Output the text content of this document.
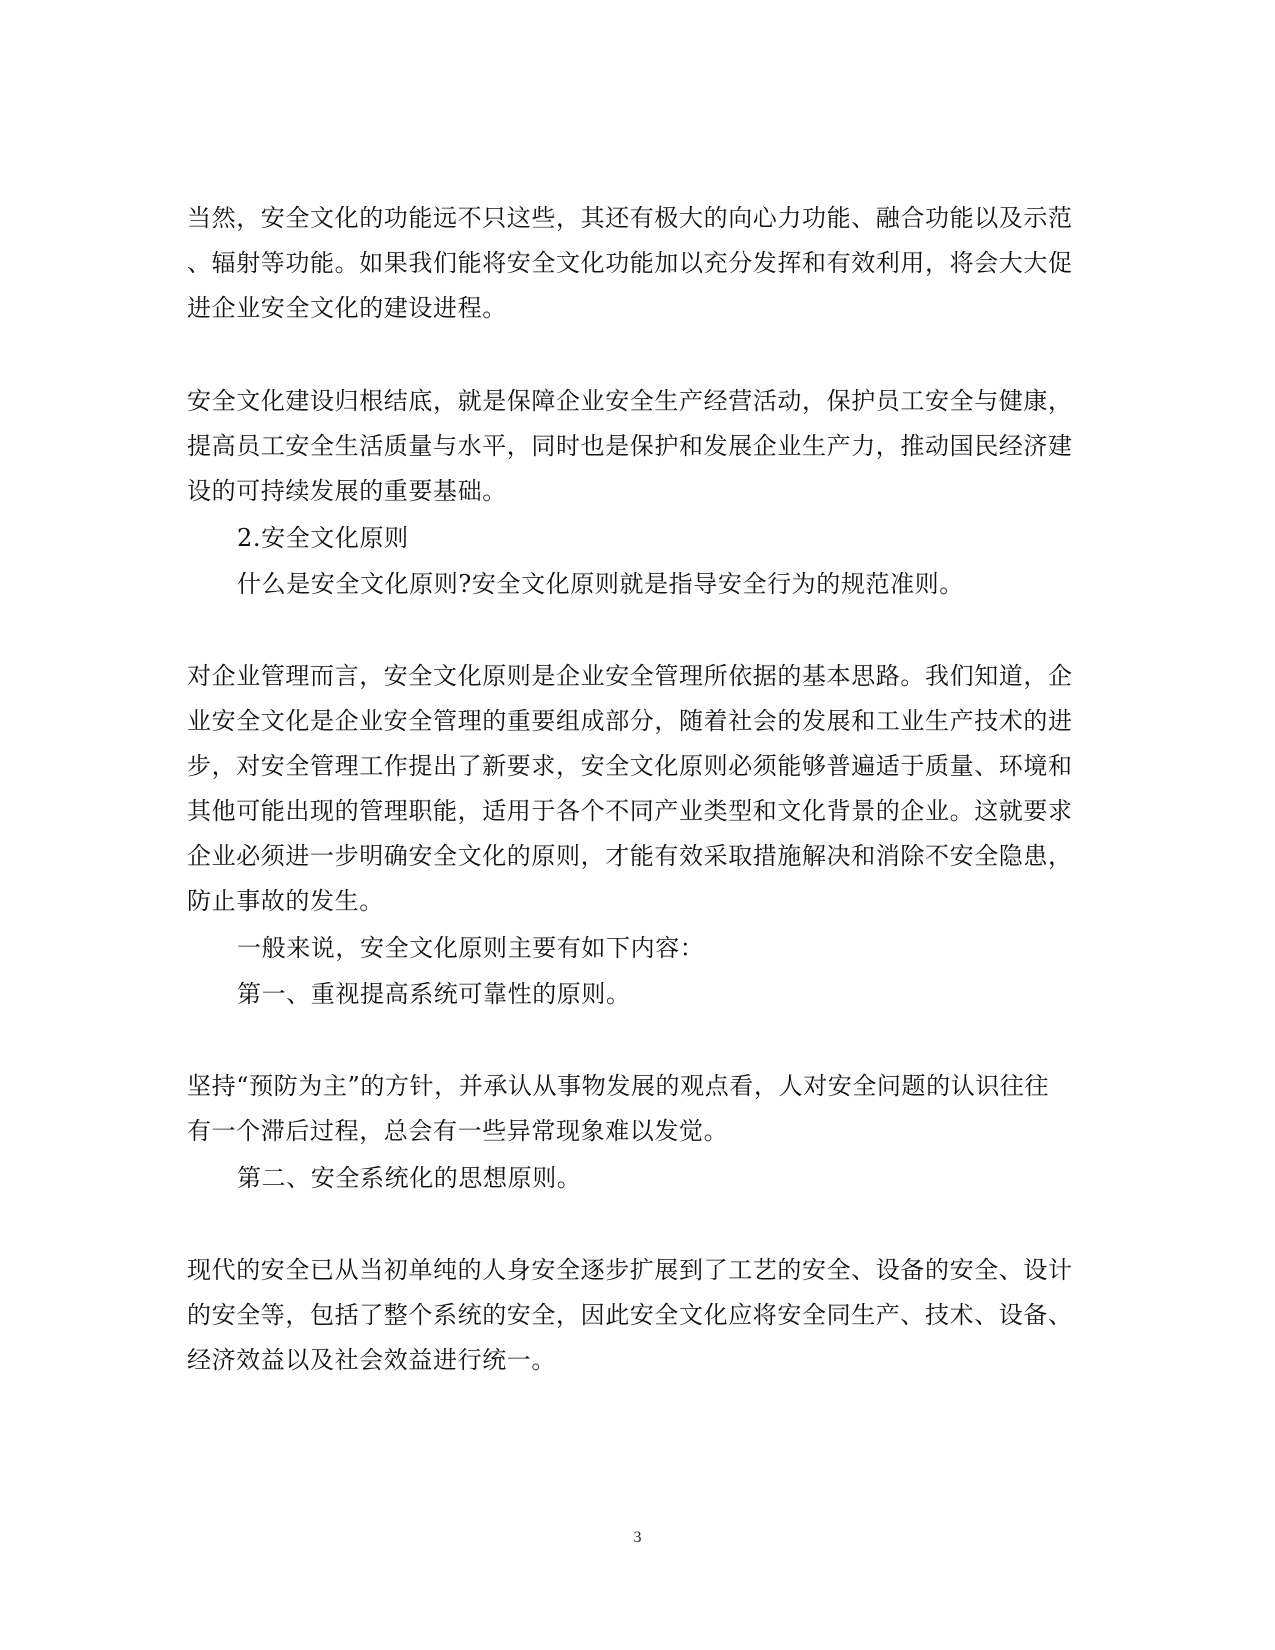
当然，安全文化的功能远不只这些，其还有极大的向心力功能、融合功能以及示范
、辐射等功能。如果我们能将安全文化功能加以充分发挥和有效利用，将会大大促
进企业安全文化的建设进程。
安全文化建设归根结底，就是保障企业安全生产经营活动，保护员工安全与健康，
提高员工安全生活质量与水平，同时也是保护和发展企业生产力，推动国民经济建
设的可持续发展的重要基础。
2.安全文化原则
什么是安全文化原则?安全文化原则就是指导安全行为的规范准则。
对企业管理而言，安全文化原则是企业安全管理所依据的基本思路。我们知道，企
业安全文化是企业安全管理的重要组成部分，随着社会的发展和工业生产技术的进
步，对安全管理工作提出了新要求，安全文化原则必须能够普遍适于质量、环境和
其他可能出现的管理职能，适用于各个不同产业类型和文化背景的企业。这就要求
企业必须进一步明确安全文化的原则，才能有效采取措施解决和消除不安全隐患，
防止事故的发生。
一般来说，安全文化原则主要有如下内容：
第一、重视提高系统可靠性的原则。
坚持“预防为主”的方针，并承认从事物发展的观点看，人对安全问题的认识往往
有一个滞后过程，总会有一些异常现象难以发觉。
第二、安全系统化的思想原则。
现代的安全已从当初单纯的人身安全逐步扩展到了工艺的安全、设备的安全、设计
的安全等，包括了整个系统的安全，因此安全文化应将安全同生产、技术、设备、
经济效益以及社会效益进行统一。
3
